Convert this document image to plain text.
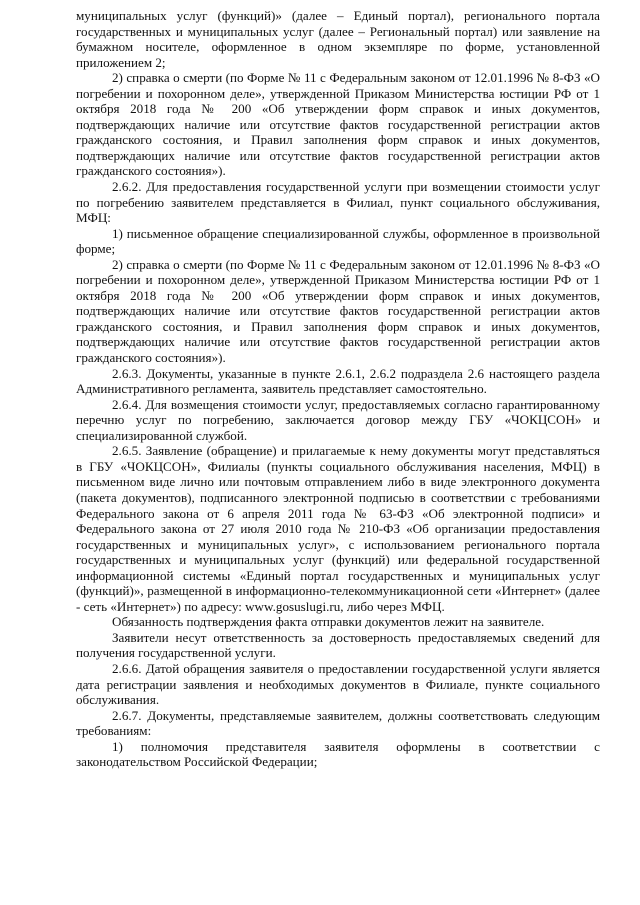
муниципальных услуг (функций)» (далее – Единый портал), регионального портала государственных и муниципальных услуг (далее – Региональный портал) или заявление на бумажном носителе, оформленное в одном экземпляре по форме, установленной приложением 2;

2) справка о смерти (по Форме № 11 с Федеральным законом от 12.01.1996 № 8-ФЗ «О погребении и похоронном деле», утвержденной Приказом Министерства юстиции РФ от 1 октября 2018 года № 200 «Об утверждении форм справок и иных документов, подтверждающих наличие или отсутствие фактов государственной регистрации актов гражданского состояния, и Правил заполнения форм справок и иных документов, подтверждающих наличие или отсутствие фактов государственной регистрации актов гражданского состояния»).

2.6.2. Для предоставления государственной услуги при возмещении стоимости услуг по погребению заявителем представляется в Филиал, пункт социального обслуживания, МФЦ:

1) письменное обращение специализированной службы, оформленное в произвольной форме;

2) справка о смерти (по Форме № 11 с Федеральным законом от 12.01.1996 № 8-ФЗ «О погребении и похоронном деле», утвержденной Приказом Министерства юстиции РФ от 1 октября 2018 года № 200 «Об утверждении форм справок и иных документов, подтверждающих наличие или отсутствие фактов государственной регистрации актов гражданского состояния, и Правил заполнения форм справок и иных документов, подтверждающих наличие или отсутствие фактов государственной регистрации актов гражданского состояния»).

2.6.3. Документы, указанные в пункте 2.6.1, 2.6.2 подраздела 2.6 настоящего раздела Административного регламента, заявитель представляет самостоятельно.

2.6.4. Для возмещения стоимости услуг, предоставляемых согласно гарантированному перечню услуг по погребению, заключается договор между ГБУ «ЧОКЦСОН» и специализированной службой.

2.6.5. Заявление (обращение) и прилагаемые к нему документы могут представляться в ГБУ «ЧОКЦСОН», Филиалы (пункты социального обслуживания населения, МФЦ) в письменном виде лично или почтовым отправлением либо в виде электронного документа (пакета документов), подписанного электронной подписью в соответствии с требованиями Федерального закона от 6 апреля 2011 года № 63-ФЗ «Об электронной подписи» и Федерального закона от 27 июля 2010 года № 210-ФЗ «Об организации предоставления государственных и муниципальных услуг», с использованием регионального портала государственных и муниципальных услуг (функций) или федеральной государственной информационной системы «Единый портал государственных и муниципальных услуг (функций)», размещенной в информационно-телекоммуникационной сети «Интернет» (далее - сеть «Интернет») по адресу: www.gosuslugi.ru, либо через МФЦ.

Обязанность подтверждения факта отправки документов лежит на заявителе.

Заявители несут ответственность за достоверность предоставляемых сведений для получения государственной услуги.

2.6.6. Датой обращения заявителя о предоставлении государственной услуги является дата регистрации заявления и необходимых документов в Филиале, пункте социального обслуживания.

2.6.7. Документы, представляемые заявителем, должны соответствовать следующим требованиям:

1) полномочия представителя заявителя оформлены в соответствии с законодательством Российской Федерации;
